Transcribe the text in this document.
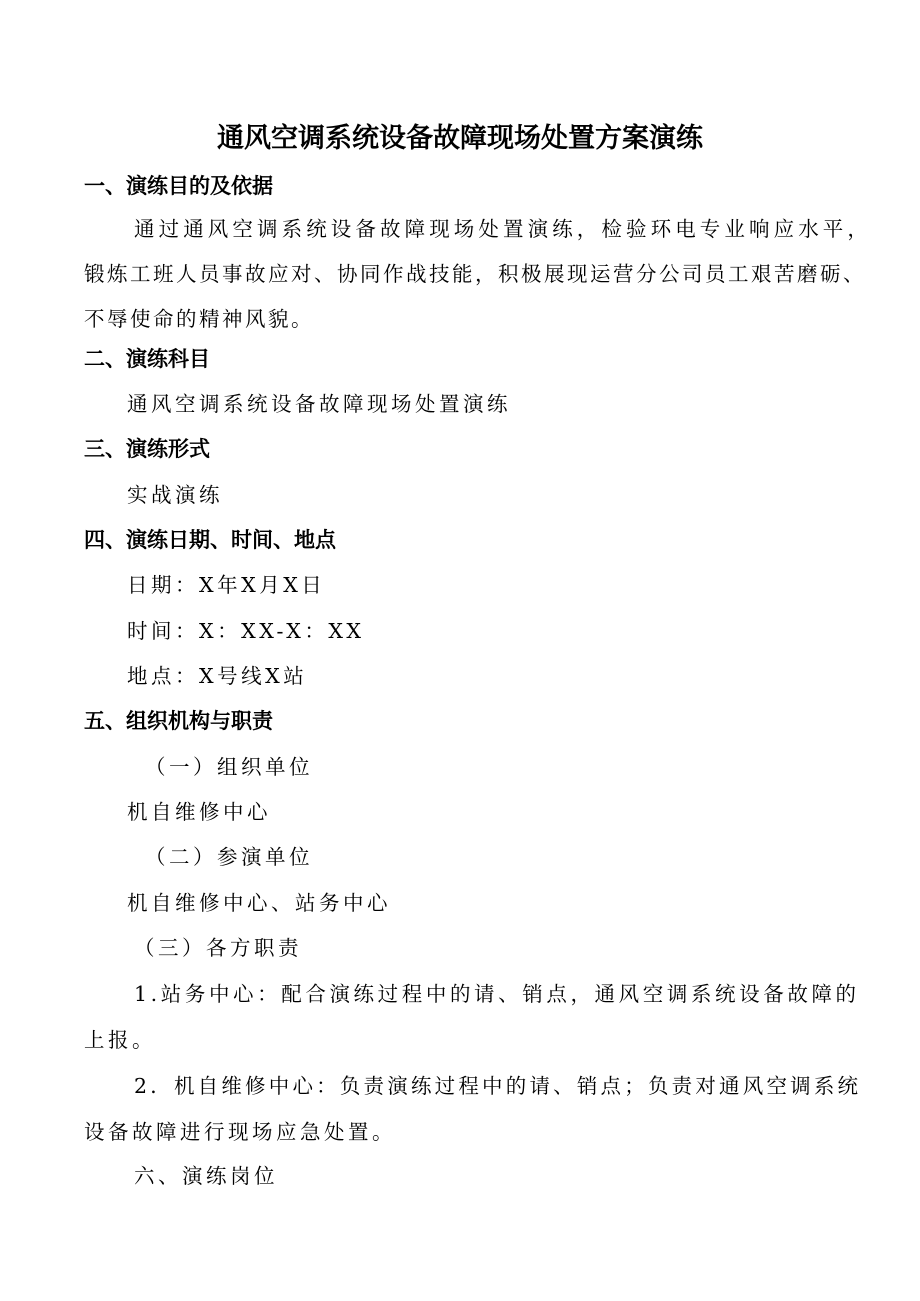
通风空调系统设备故障现场处置方案演练
一、演练目的及依据

通过通风空调系统设备故障现场处置演练，检验环电专业响应水平，

锻炼工班人员事故应对、协同作战技能，积极展现运营分公司员工艰苦磨砺、

不辱使命的精神风貌。

二、演练科目

通风空调系统设备故障现场处置演练

三、演练形式

实战演练

四、演练日期、时间、地点

日期：X年X月X日

时间：X：XX-X：XX

地点：X号线X站

五、组织机构与职责

（一）组织单位

机自维修中心

（二）参演单位

机自维修中心、站务中心

（三）各方职责

1.站务中心：配合演练过程中的请、销点，通风空调系统设备故障的

上报。

2．机自维修中心：负责演练过程中的请、销点；负责对通风空调系统

设备故障进行现场应急处置。

六、演练岗位
